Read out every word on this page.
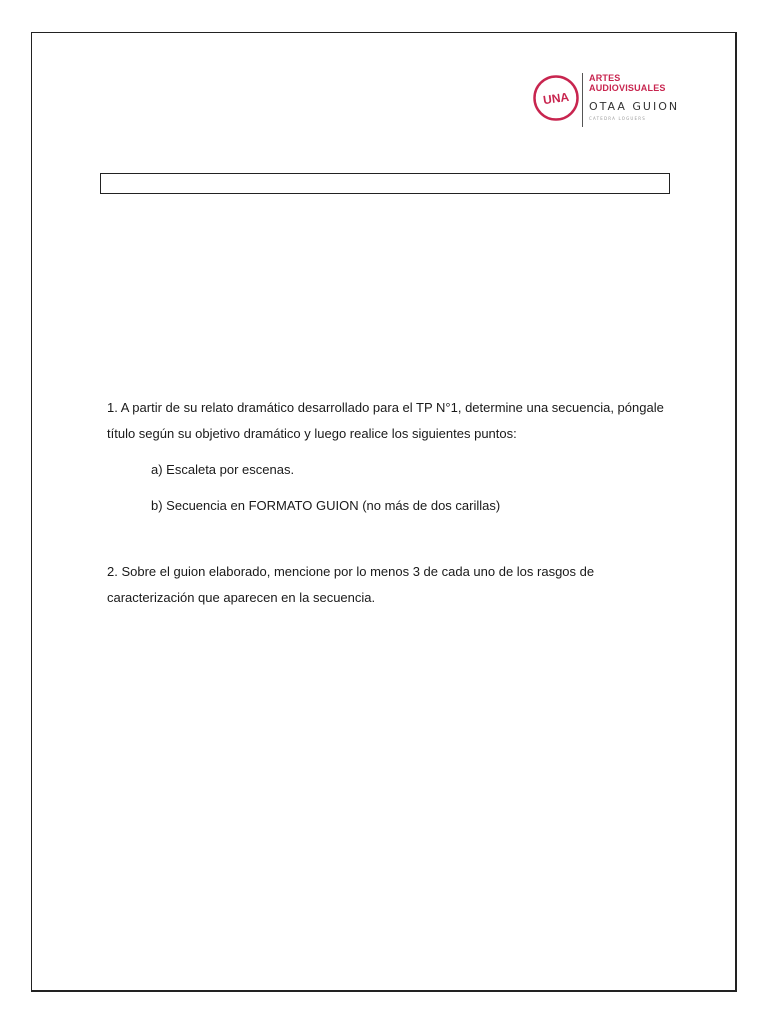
UNA
ARTES
AUDIOVISUALES
OTAA GUION
CATEDRA LOGUERS

1. A partir de su relato dramático desarrollado para el TP N°1, determine una secuencia, póngale título según su objetivo dramático y luego realice los siguientes puntos:

a) Escaleta por escenas.

b) Secuencia en FORMATO GUION (no más de dos carillas)

2. Sobre el guion elaborado, mencione por lo menos 3 de cada uno de los rasgos de caracterización que aparecen en la secuencia.
